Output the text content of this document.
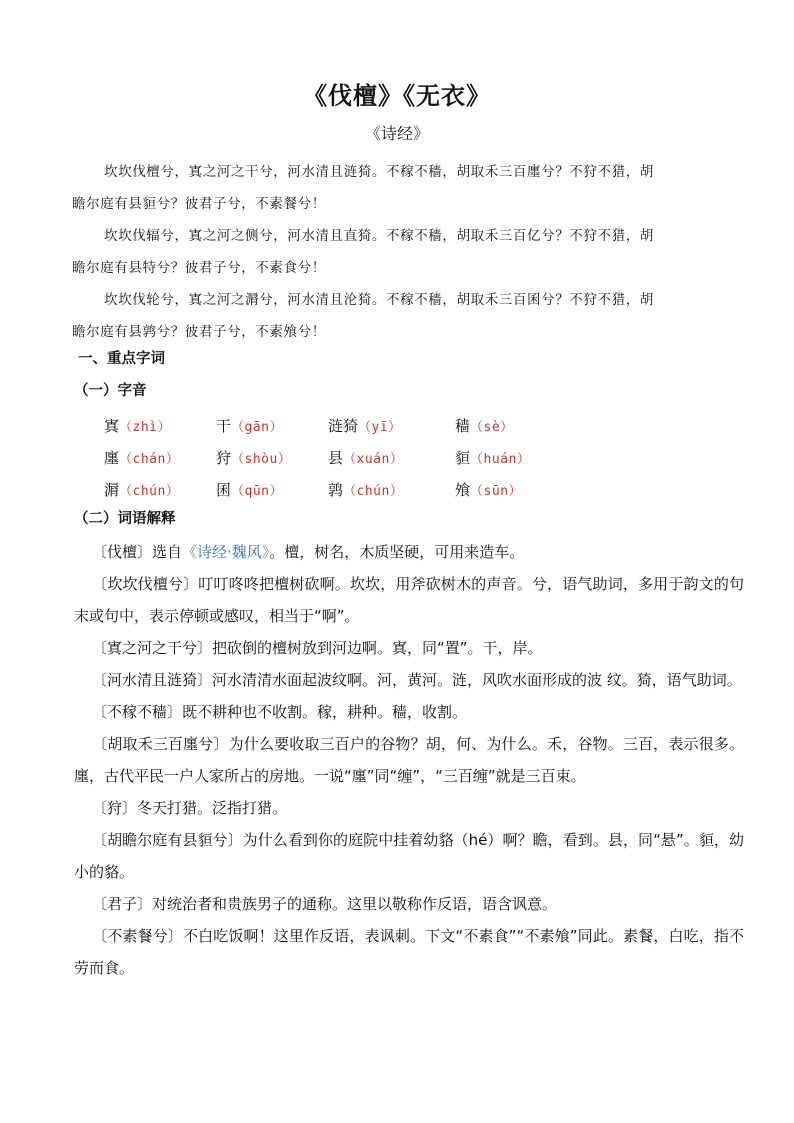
《伐檀》《无衣》
《诗经》

坎坎伐檀兮，寘之河之干兮，河水清且涟猗。不稼不穑，胡取禾三百廛兮？不狩不猎，胡

瞻尔庭有县貆兮？彼君子兮，不素餐兮！

坎坎伐辐兮，寘之河之侧兮，河水清且直猗。不稼不穑，胡取禾三百亿兮？不狩不猎，胡

瞻尔庭有县特兮？彼君子兮，不素食兮！

坎坎伐轮兮，寘之河之漘兮，河水清且沦猗。不稼不穑，胡取禾三百囷兮？不狩不猎，胡

瞻尔庭有县鹑兮？彼君子兮，不素飧兮！

一、重点字词
（一）字音
寘（zhì）	干（gān）	涟猗（yī）	穑（sè）
廛（chán）	狩（shòu）	县（xuán）	貆（huán）
漘（chún）	囷（qūn）	鹑（chún）	飧（sūn）
（二）词语解释

〔伐檀〕选自《诗经·魏风》。檀，树名，木质坚硬，可用来造车。

〔坎坎伐檀兮〕叮叮咚咚把檀树砍啊。坎坎，用斧砍树木的声音。兮，语气助词，多用于韵文的句末或句中，表示停顿或感叹，相当于“啊”。

〔寘之河之干兮〕把砍倒的檀树放到河边啊。寘，同“置”。干，岸。

〔河水清且涟猗〕河水清清水面起波纹啊。河，黄河。涟，风吹水面形成的波 纹。猗，语气助词。

〔不稼不穑〕既不耕种也不收割。稼，耕种。穑，收割。

〔胡取禾三百廛兮〕为什么要收取三百户的谷物？胡，何、为什么。禾，谷物。三百，表示很多。廛，古代平民一户人家所占的房地。一说“廛”同“缠”，“三百缠”就是三百束。

〔狩〕冬天打猎。泛指打猎。

〔胡瞻尔庭有县貆兮〕为什么看到你的庭院中挂着幼貉（hé）啊？瞻，看到。县，同“悬”。貆，幼小的貉。

〔君子〕对统治者和贵族男子的通称。这里以敬称作反语，语含讽意。

〔不素餐兮〕不白吃饭啊！这里作反语，表讽刺。下文“不素食”“不素飧”同此。素餐，白吃，指不劳而食。
